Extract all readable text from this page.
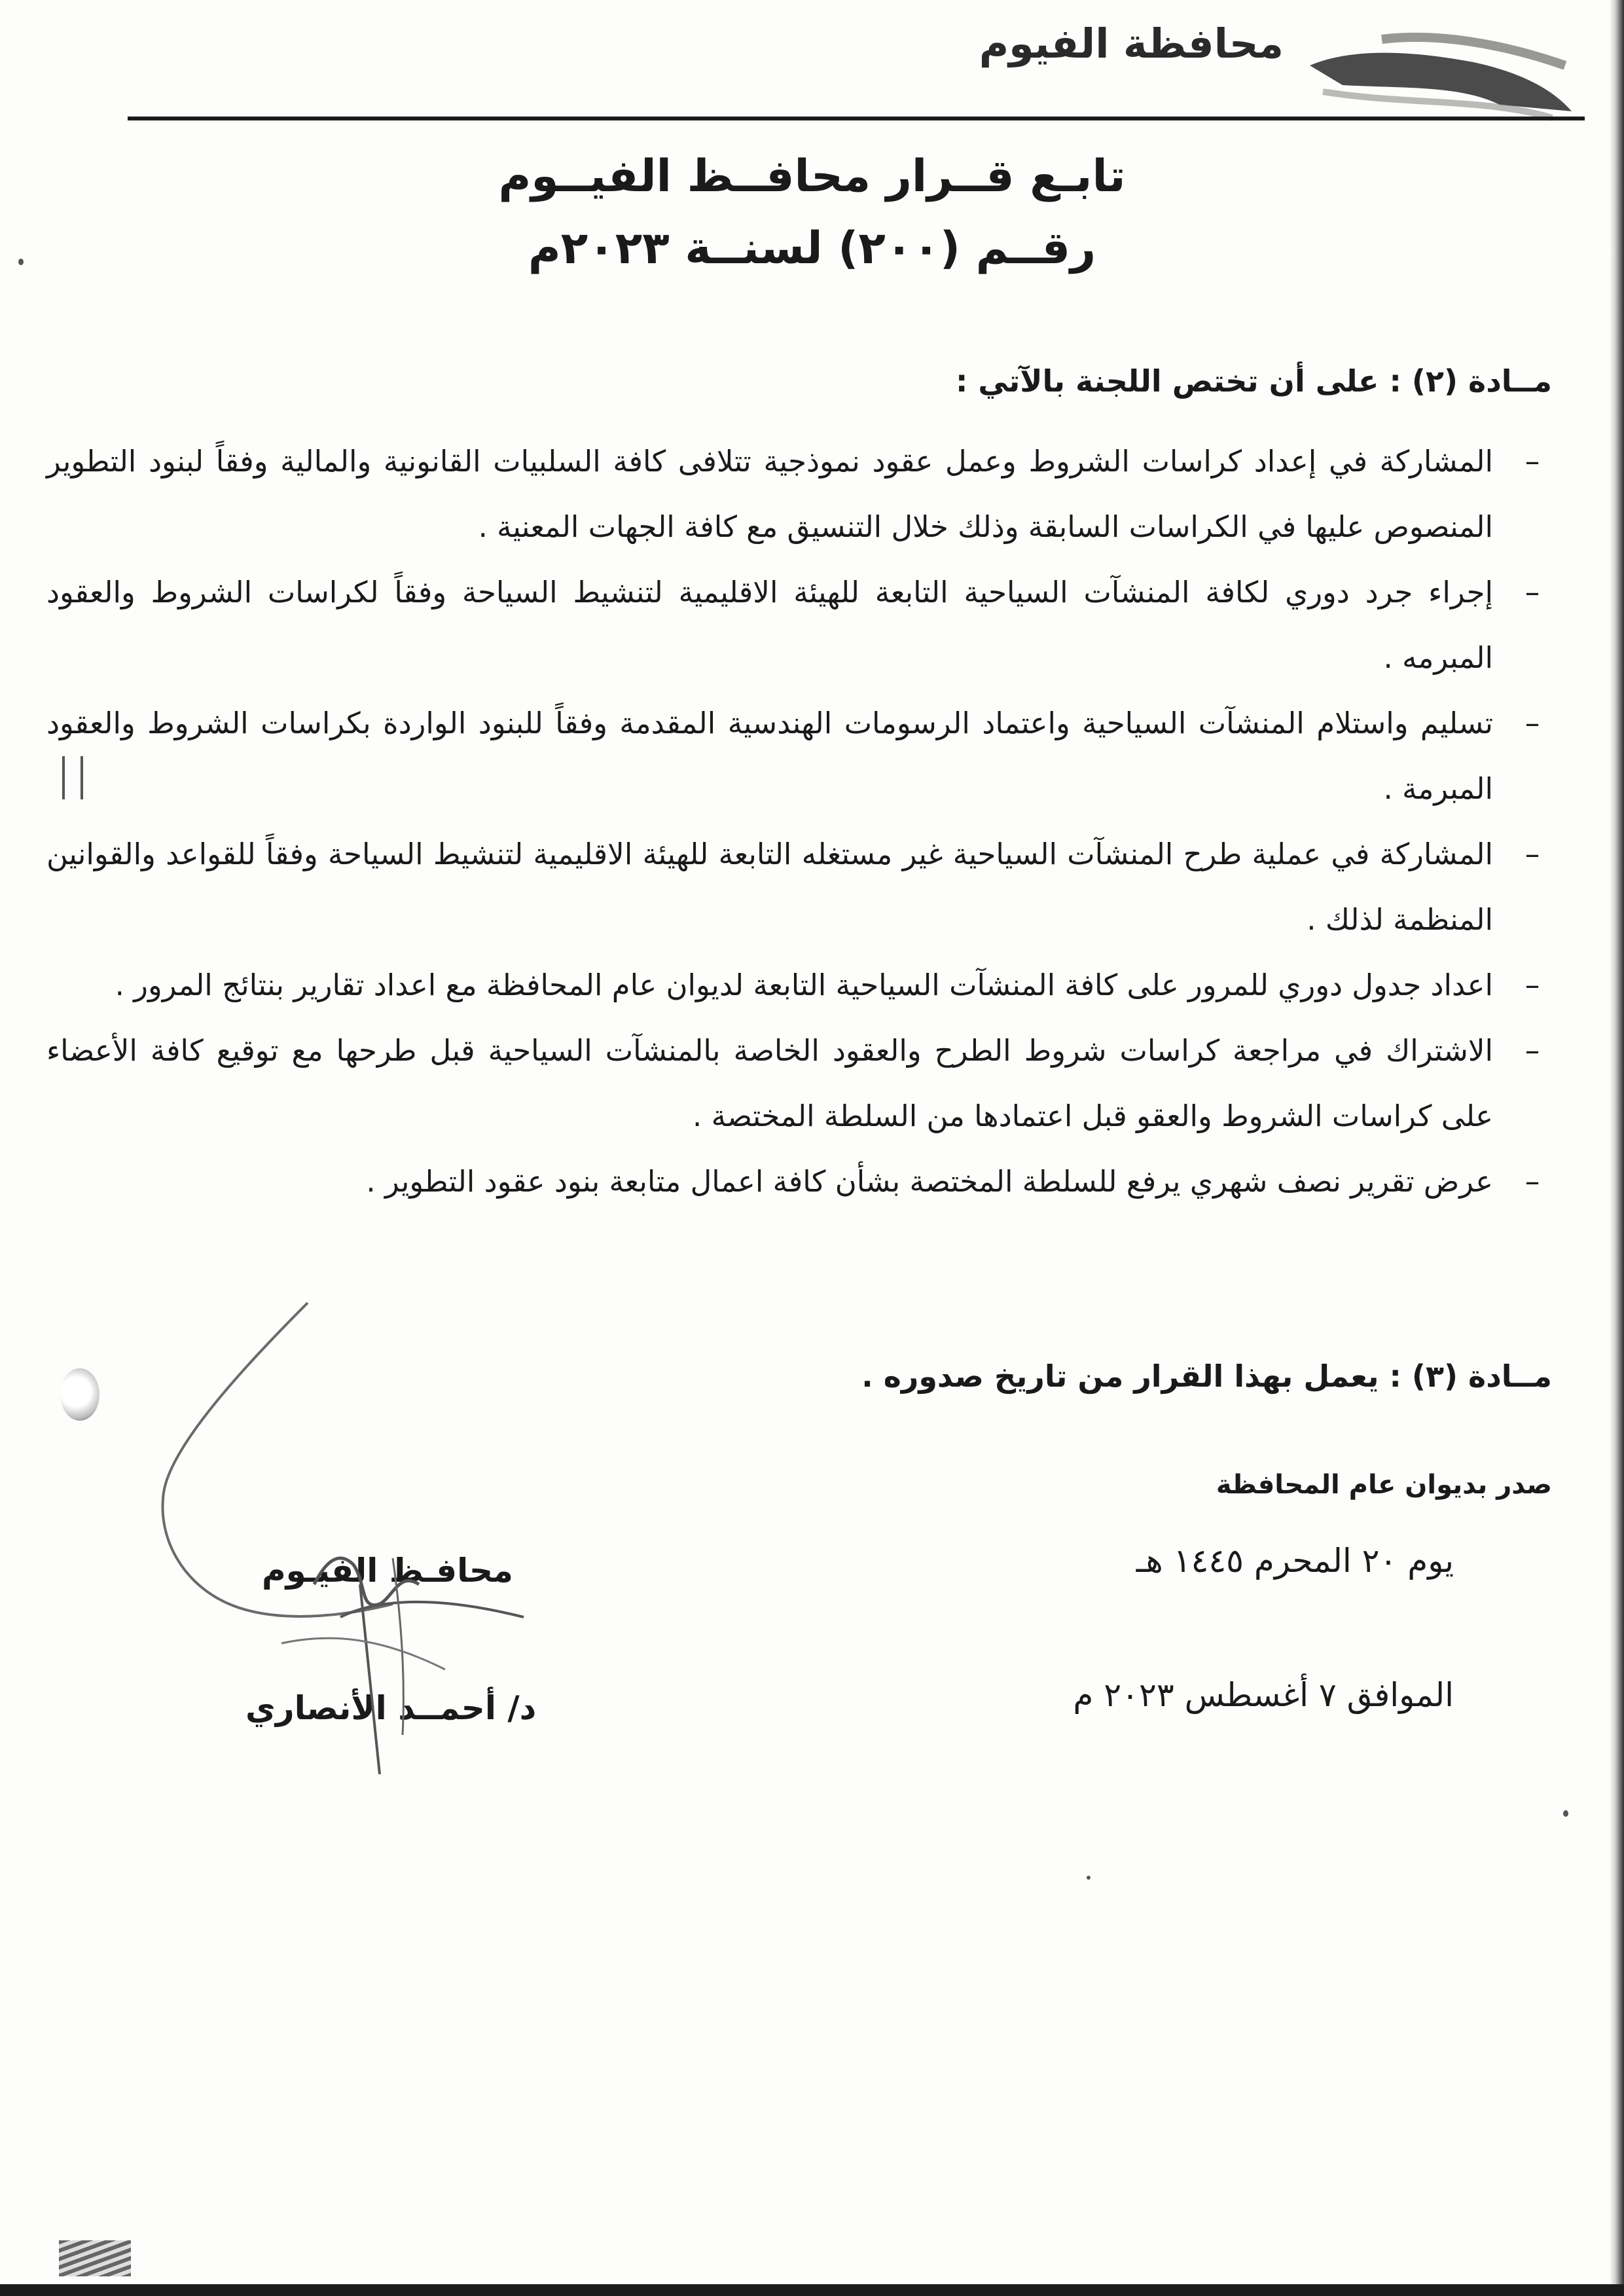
محافظة الفيوم
تابـع قــرار محافــظ الفيــوم
رقــم (٢٠٠) لسنــة ٢٠٢٣م
مــادة (٢) : على أن تختص اللجنة بالآتي :
–
المشاركة في إعداد كراسات الشروط وعمل عقود نموذجية تتلافى كافة السلبيات القانونية والمالية وفقاً لبنود التطوير المنصوص عليها في الكراسات السابقة وذلك خلال التنسيق مع كافة الجهات المعنية .
–
إجراء جرد دوري لكافة المنشآت السياحية التابعة للهيئة الاقليمية لتنشيط السياحة وفقاً لكراسات الشروط والعقود المبرمه .
–
تسليم واستلام المنشآت السياحية واعتماد الرسومات الهندسية المقدمة وفقاً للبنود الواردة بكراسات الشروط والعقود المبرمة .
–
المشاركة في عملية طرح المنشآت السياحية غير مستغله التابعة للهيئة الاقليمية لتنشيط السياحة وفقاً للقواعد والقوانين المنظمة لذلك .
–
اعداد جدول دوري للمرور على كافة المنشآت السياحية التابعة لديوان عام المحافظة مع اعداد تقارير بنتائج المرور .
–
الاشتراك في مراجعة كراسات شروط الطرح والعقود الخاصة بالمنشآت السياحية قبل طرحها مع توقيع كافة الأعضاء على كراسات الشروط والعقو قبل اعتمادها من السلطة المختصة .
–
عرض تقرير نصف شهري يرفع للسلطة المختصة بشأن كافة اعمال متابعة بنود عقود التطوير .
مــادة (٣) : يعمل بهذا القرار من تاريخ صدوره .
صدر بديوان عام المحافظة
يوم ٢٠ المحرم ١٤٤٥ هـ
الموافق ٧ أغسطس ٢٠٢٣ م
محافـظ الفيـوم
د/ أحمــد الأنصاري
